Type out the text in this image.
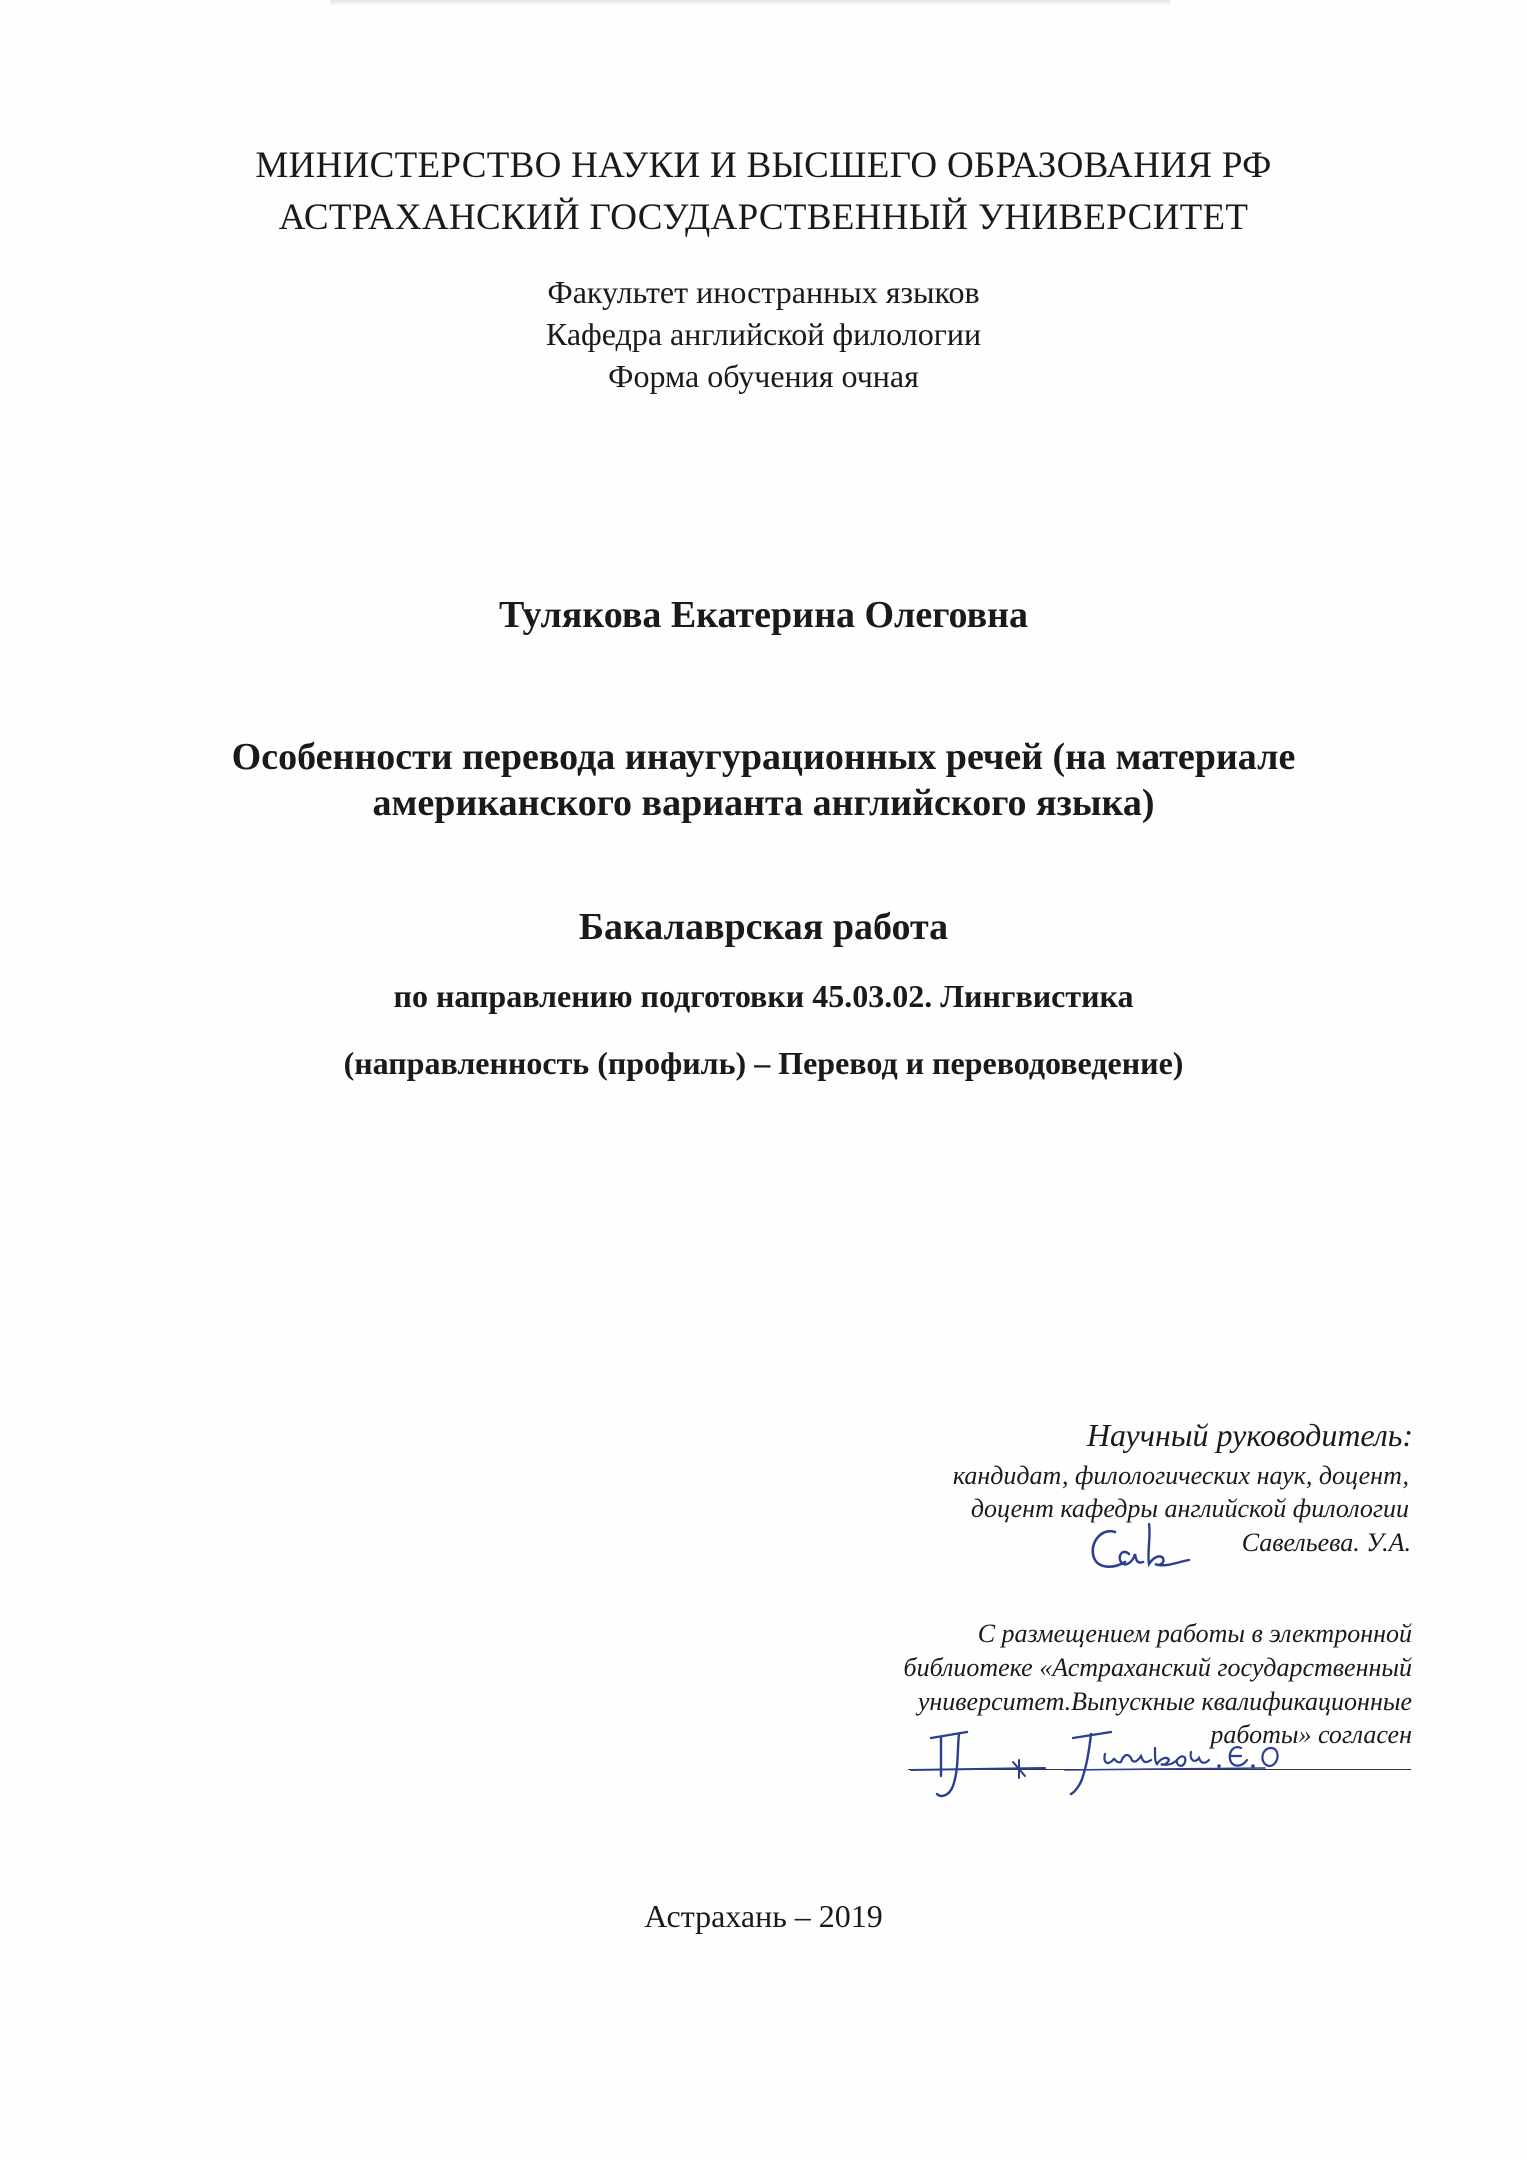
МИНИСТЕРСТВО НАУКИ И ВЫСШЕГО ОБРАЗОВАНИЯ РФ
АСТРАХАНСКИЙ ГОСУДАРСТВЕННЫЙ УНИВЕРСИТЕТ
Факультет иностранных языков
Кафедра английской филологии
Форма обучения очная
Тулякова Екатерина Олеговна
Особенности перевода инаугурационных речей (на материале
американского варианта английского языка)
Бакалаврская работа
по направлению подготовки 45.03.02. Лингвистика
(направленность (профиль) – Перевод и переводоведение)
Научный руководитель:
кандидат, филологических наук, доцент,
доцент кафедры английской филологии
Савельева. У.А.
С размещением работы в электронной
библиотеке «Астраханский государственный
университет.Выпускные квалификационные
работы» согласен
Астрахань – 2019
